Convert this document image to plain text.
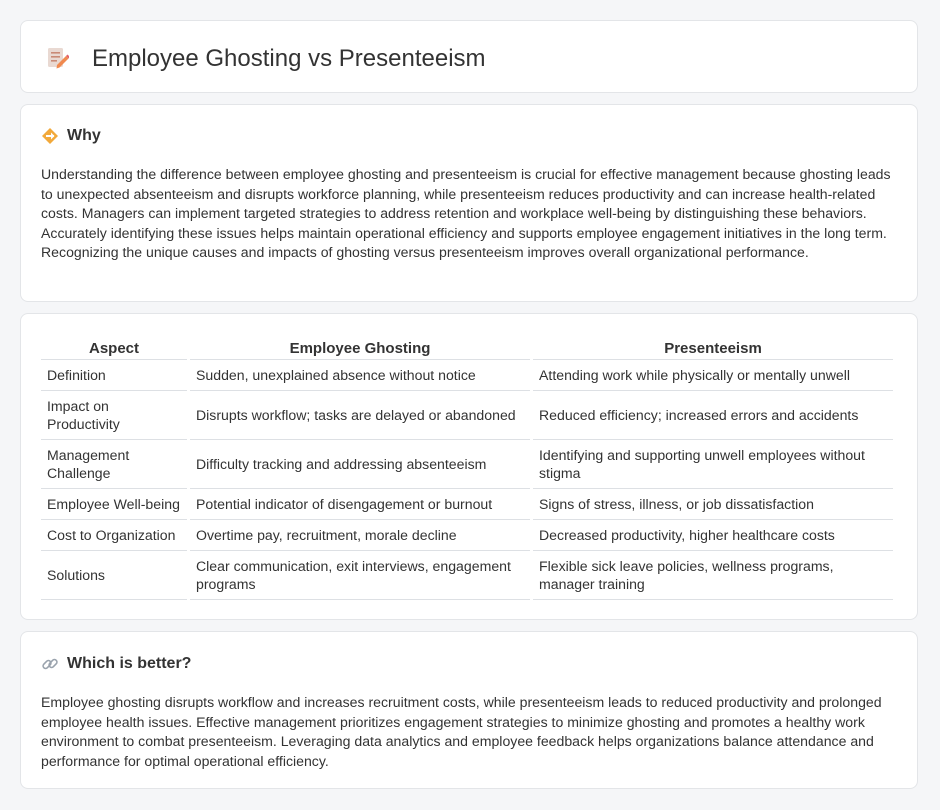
Employee Ghosting vs Presenteeism
Why
Understanding the difference between employee ghosting and presenteeism is crucial for effective management because ghosting leads to unexpected absenteeism and disrupts workforce planning, while presenteeism reduces productivity and can increase health-related costs. Managers can implement targeted strategies to address retention and workplace well-being by distinguishing these behaviors. Accurately identifying these issues helps maintain operational efficiency and supports employee engagement initiatives in the long term. Recognizing the unique causes and impacts of ghosting versus presenteeism improves overall organizational performance.
Aspect	Employee Ghosting	Presenteeism
Definition	Sudden, unexplained absence without notice	Attending work while physically or mentally unwell
Impact on Productivity	Disrupts workflow; tasks are delayed or abandoned	Reduced efficiency; increased errors and accidents
Management Challenge	Difficulty tracking and addressing absenteeism	Identifying and supporting unwell employees without stigma
Employee Well-being	Potential indicator of disengagement or burnout	Signs of stress, illness, or job dissatisfaction
Cost to Organization	Overtime pay, recruitment, morale decline	Decreased productivity, higher healthcare costs
Solutions	Clear communication, exit interviews, engagement programs	Flexible sick leave policies, wellness programs, manager training
Which is better?
Employee ghosting disrupts workflow and increases recruitment costs, while presenteeism leads to reduced productivity and prolonged employee health issues. Effective management prioritizes engagement strategies to minimize ghosting and promotes a healthy work environment to combat presenteeism. Leveraging data analytics and employee feedback helps organizations balance attendance and performance for optimal operational efficiency.
